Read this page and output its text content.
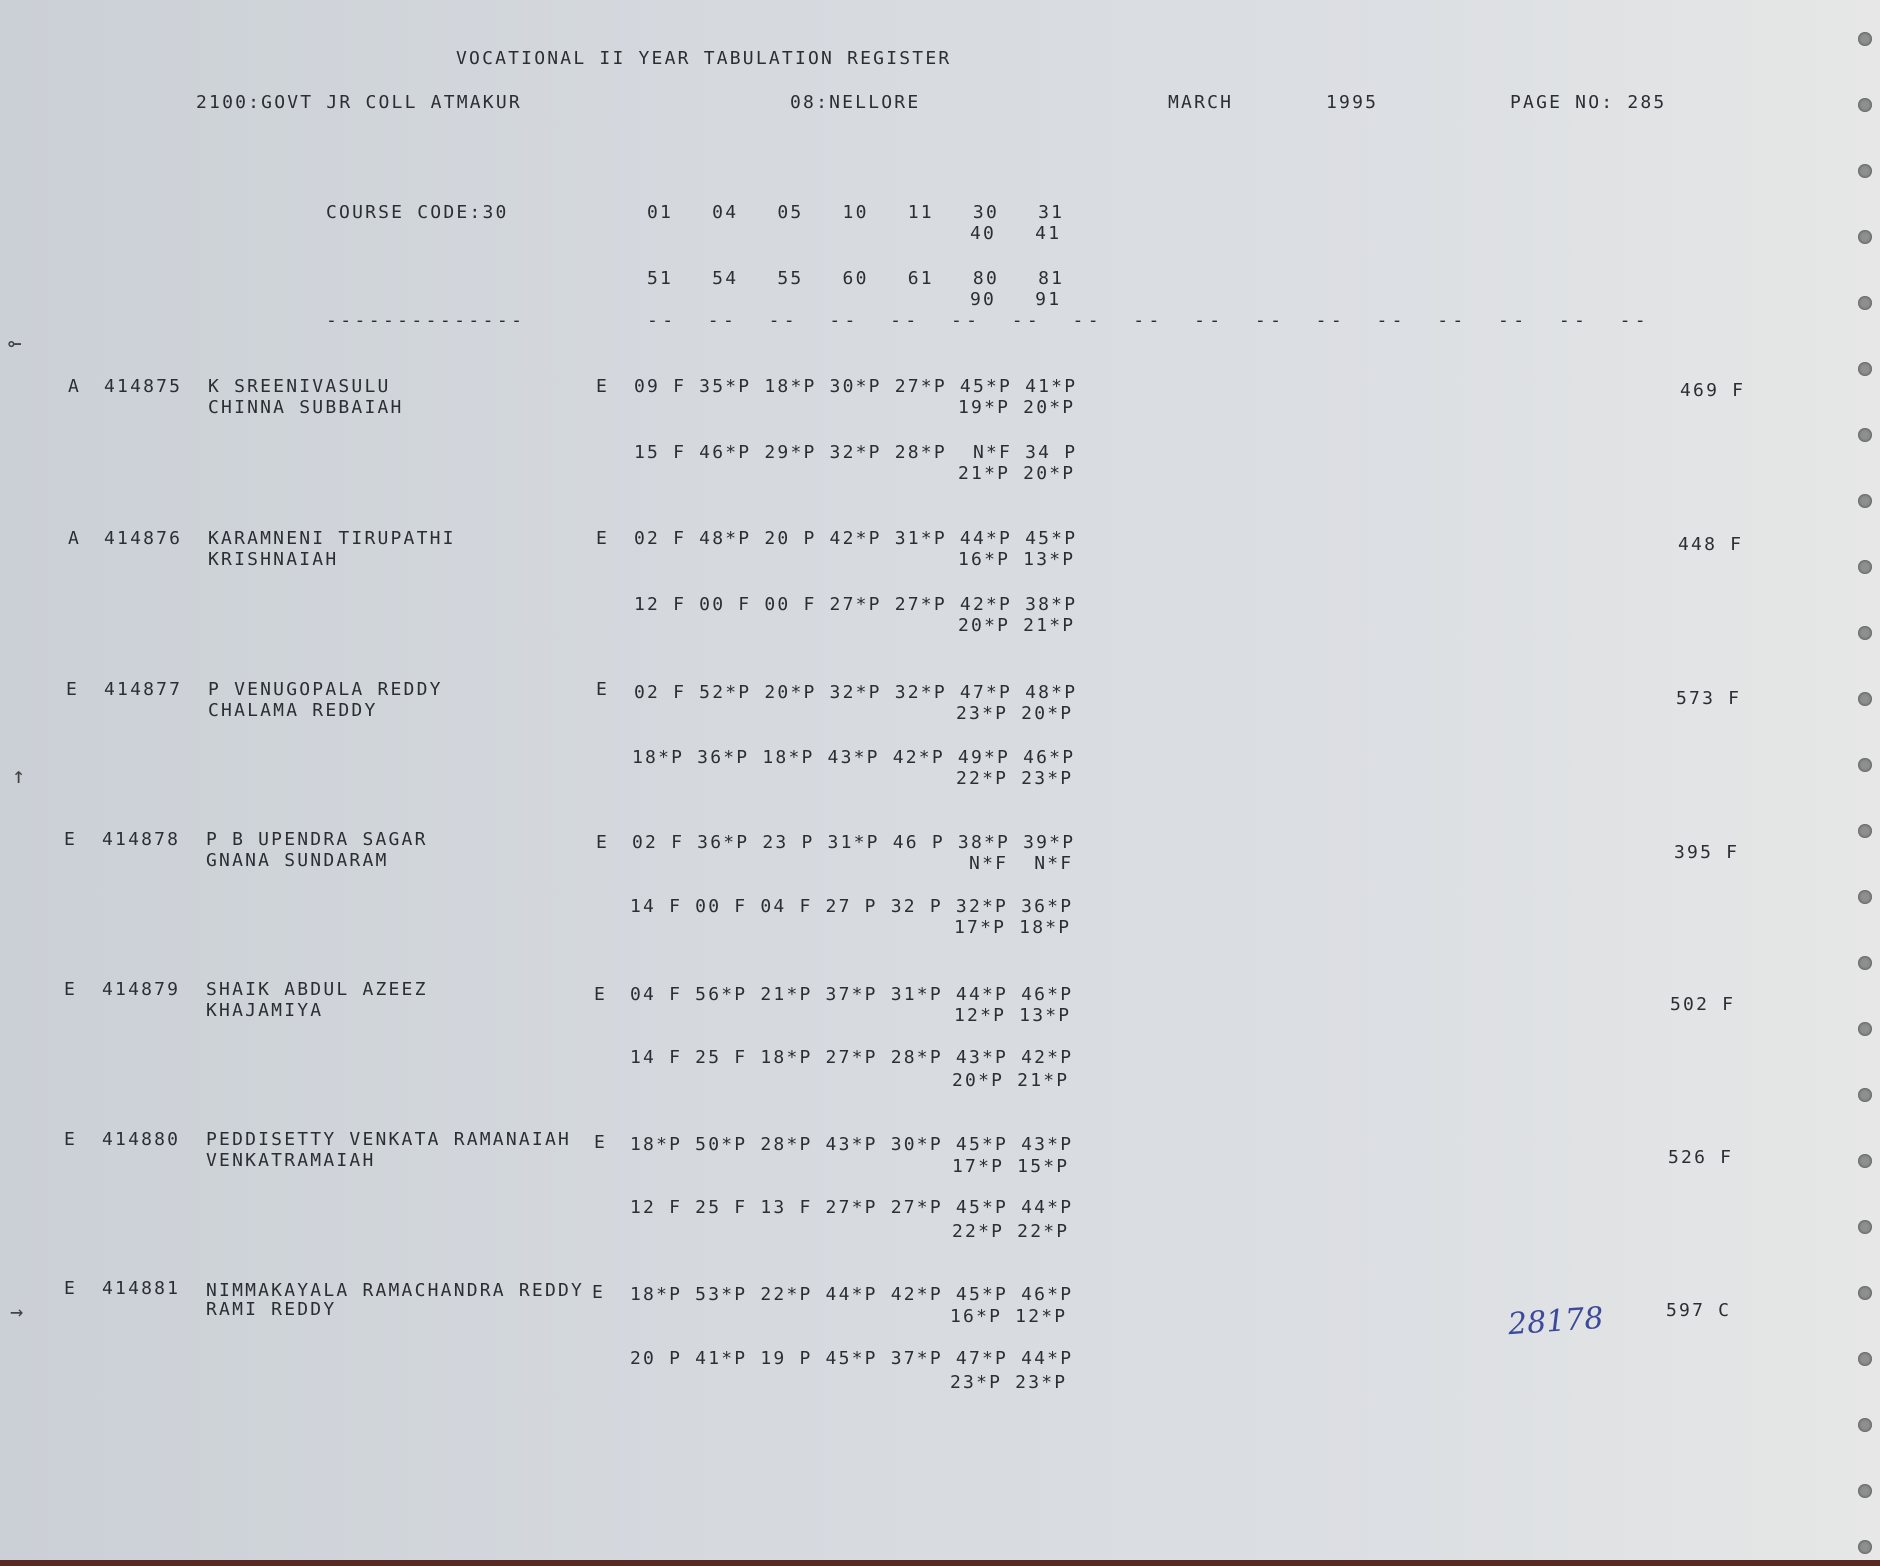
VOCATIONAL II YEAR TABULATION REGISTER
2100:GOVT JR COLL ATMAKUR	08:NELLORE	MARCH	1995	PAGE NO: 285
COURSE CODE:30	01   04   05   10   11   30   31
40   41
51   54   55   60   61   80   81
90   91
--------------	--  --  --  --  --  --  --  --  --  --  --  --  --  --  --  --  --
A 414875 K SREENIVASULU
CHINNA SUBBAIAH
E 09 F 35*P 18*P 30*P 27*P 45*P 41*P
19*P 20*P
15 F 46*P 29*P 32*P 28*P  N*F 34 P
21*P 20*P
469 F
A 414876 KARAMNENI TIRUPATHI
KRISHNAIAH
E 02 F 48*P 20 P 42*P 31*P 44*P 45*P
16*P 13*P
12 F 00 F 00 F 27*P 27*P 42*P 38*P
20*P 21*P
448 F
E 414877 P VENUGOPALA REDDY
CHALAMA REDDY
E 02 F 52*P 20*P 32*P 32*P 47*P 48*P
23*P 20*P
18*P 36*P 18*P 43*P 42*P 49*P 46*P
22*P 23*P
573 F
E 414878 P B UPENDRA SAGAR
GNANA SUNDARAM
E 02 F 36*P 23 P 31*P 46 P 38*P 39*P
N*F  N*F
14 F 00 F 04 F 27 P 32 P 32*P 36*P
17*P 18*P
395 F
E 414879 SHAIK ABDUL AZEEZ
KHAJAMIYA
E 04 F 56*P 21*P 37*P 31*P 44*P 46*P
12*P 13*P
14 F 25 F 18*P 27*P 28*P 43*P 42*P
20*P 21*P
502 F
E 414880 PEDDISETTY VENKATA RAMANAIAH
VENKATRAMAIAH
E 18*P 50*P 28*P 43*P 30*P 45*P 43*P
17*P 15*P
12 F 25 F 13 F 27*P 27*P 45*P 44*P
22*P 22*P
526 F
E 414881 NIMMAKAYALA RAMACHANDRA REDDY
RAMI REDDY
E 18*P 53*P 22*P 44*P 42*P 45*P 46*P
16*P 12*P
20 P 41*P 19 P 45*P 37*P 47*P 44*P
23*P 23*P
597 C
28178
⟜
↑
→
